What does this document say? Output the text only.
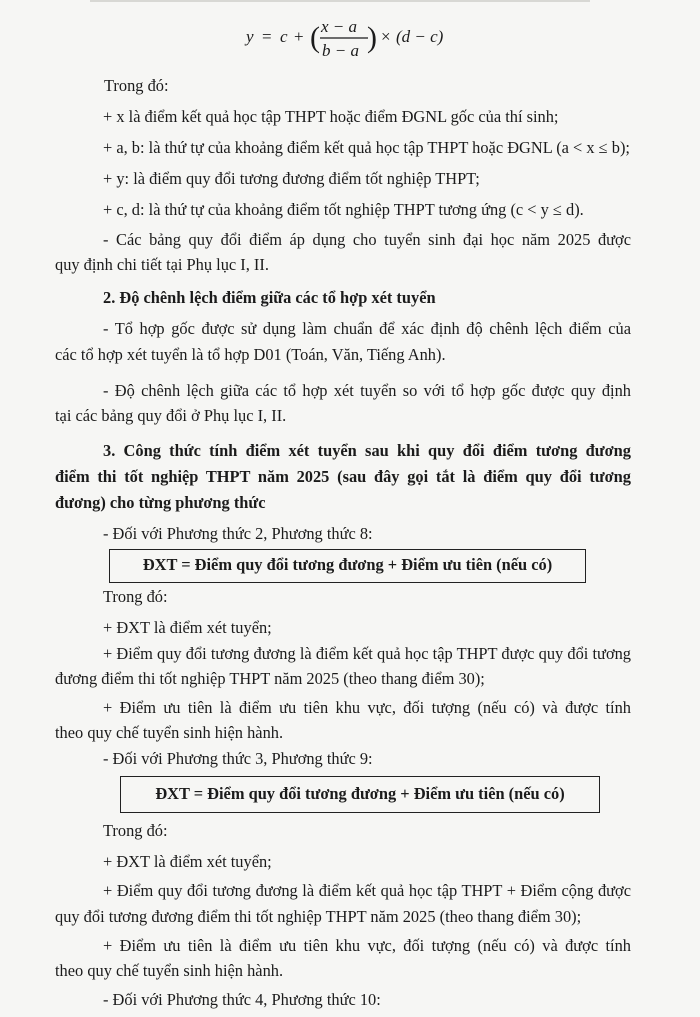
y = c + ( x − a
b − a ) × (d − c)
Trong đó:
+ x là điểm kết quả học tập THPT hoặc điểm ĐGNL gốc của thí sinh;
+ a, b: là thứ tự của khoảng điểm kết quả học tập THPT hoặc ĐGNL (a < x ≤ b);
+ y: là điểm quy đổi tương đương điểm tốt nghiệp THPT;
+ c, d: là thứ tự của khoảng điểm tốt nghiệp THPT tương ứng (c < y ≤ d).
- Các bảng quy đổi điểm áp dụng cho tuyển sinh đại học năm 2025 được
quy định chi tiết tại Phụ lục I, II.
2. Độ chênh lệch điểm giữa các tổ hợp xét tuyển
- Tổ hợp gốc được sử dụng làm chuẩn để xác định độ chênh lệch điểm của
các tổ hợp xét tuyển là tổ hợp D01 (Toán, Văn, Tiếng Anh).
- Độ chênh lệch giữa các tổ hợp xét tuyển so với tổ hợp gốc được quy định
tại các bảng quy đổi ở Phụ lục I, II.
3. Công thức tính điểm xét tuyển sau khi quy đổi điểm tương đương
điểm thi tốt nghiệp THPT năm 2025 (sau đây gọi tắt là điểm quy đổi tương
đương) cho từng phương thức
- Đối với Phương thức 2, Phương thức 8:
ĐXT = Điểm quy đổi tương đương + Điểm ưu tiên (nếu có)
Trong đó:
+ ĐXT là điểm xét tuyển;
+ Điểm quy đổi tương đương là điểm kết quả học tập THPT được quy đổi tương
đương điểm thi tốt nghiệp THPT năm 2025 (theo thang điểm 30);
+ Điểm ưu tiên là điểm ưu tiên khu vực, đối tượng (nếu có) và được tính
theo quy chế tuyển sinh hiện hành.
- Đối với Phương thức 3, Phương thức 9:
ĐXT = Điểm quy đổi tương đương + Điểm ưu tiên (nếu có)
Trong đó:
+ ĐXT là điểm xét tuyển;
+ Điểm quy đổi tương đương là điểm kết quả học tập THPT + Điểm cộng được
quy đổi tương đương điểm thi tốt nghiệp THPT năm 2025 (theo thang điểm 30);
+ Điểm ưu tiên là điểm ưu tiên khu vực, đối tượng (nếu có) và được tính
theo quy chế tuyển sinh hiện hành.
- Đối với Phương thức 4, Phương thức 10:
